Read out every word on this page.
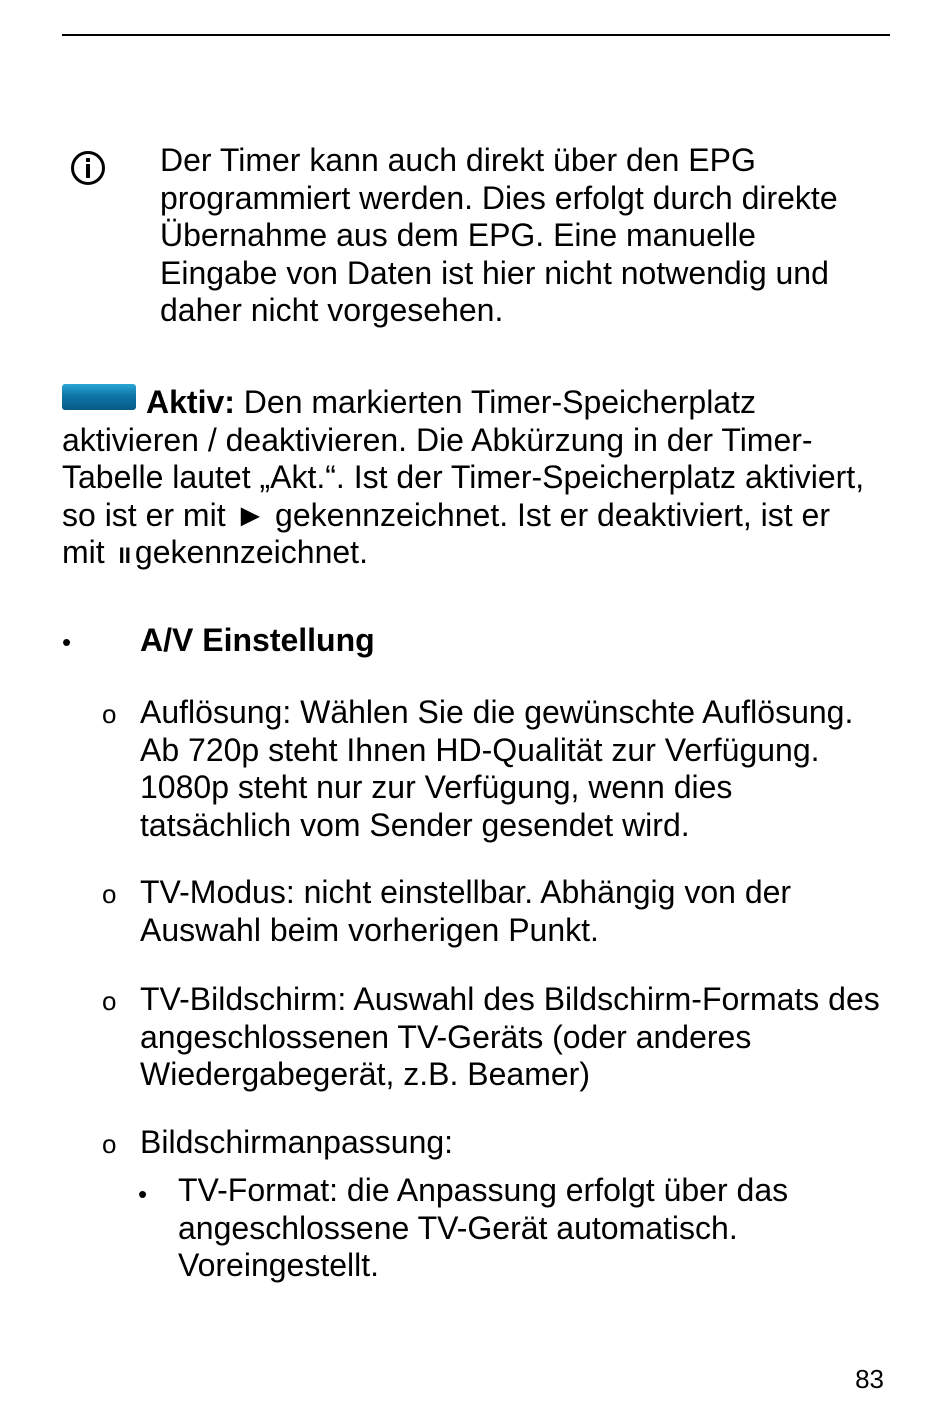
Der Timer kann auch direkt über den EPG programmiert werden. Dies erfolgt durch direkte Übernahme aus dem EPG. Eine manuelle Eingabe von Daten ist hier nicht notwendig und daher nicht vorgesehen.
Aktiv: Den markierten Timer-Speicherplatz aktivieren / deaktivieren. Die Abkürzung in der Timer-Tabelle lautet „Akt.“. Ist der Timer-Speicherplatz aktiviert, so ist er mit ► gekennzeichnet. Ist er deaktiviert, ist er mit II gekennzeichnet.
• A/V Einstellung
o Auflösung: Wählen Sie die gewünschte Auflösung. Ab 720p steht Ihnen HD-Qualität zur Verfügung. 1080p steht nur zur Verfügung, wenn dies tatsächlich vom Sender gesendet wird.
o TV-Modus: nicht einstellbar. Abhängig von der Auswahl beim vorherigen Punkt.
o TV-Bildschirm: Auswahl des Bildschirm-Formats des angeschlossenen TV-Geräts (oder anderes Wiedergabegerät, z.B. Beamer)
o Bildschirmanpassung:
• TV-Format: die Anpassung erfolgt über das angeschlossene TV-Gerät automatisch. Voreingestellt.
83
